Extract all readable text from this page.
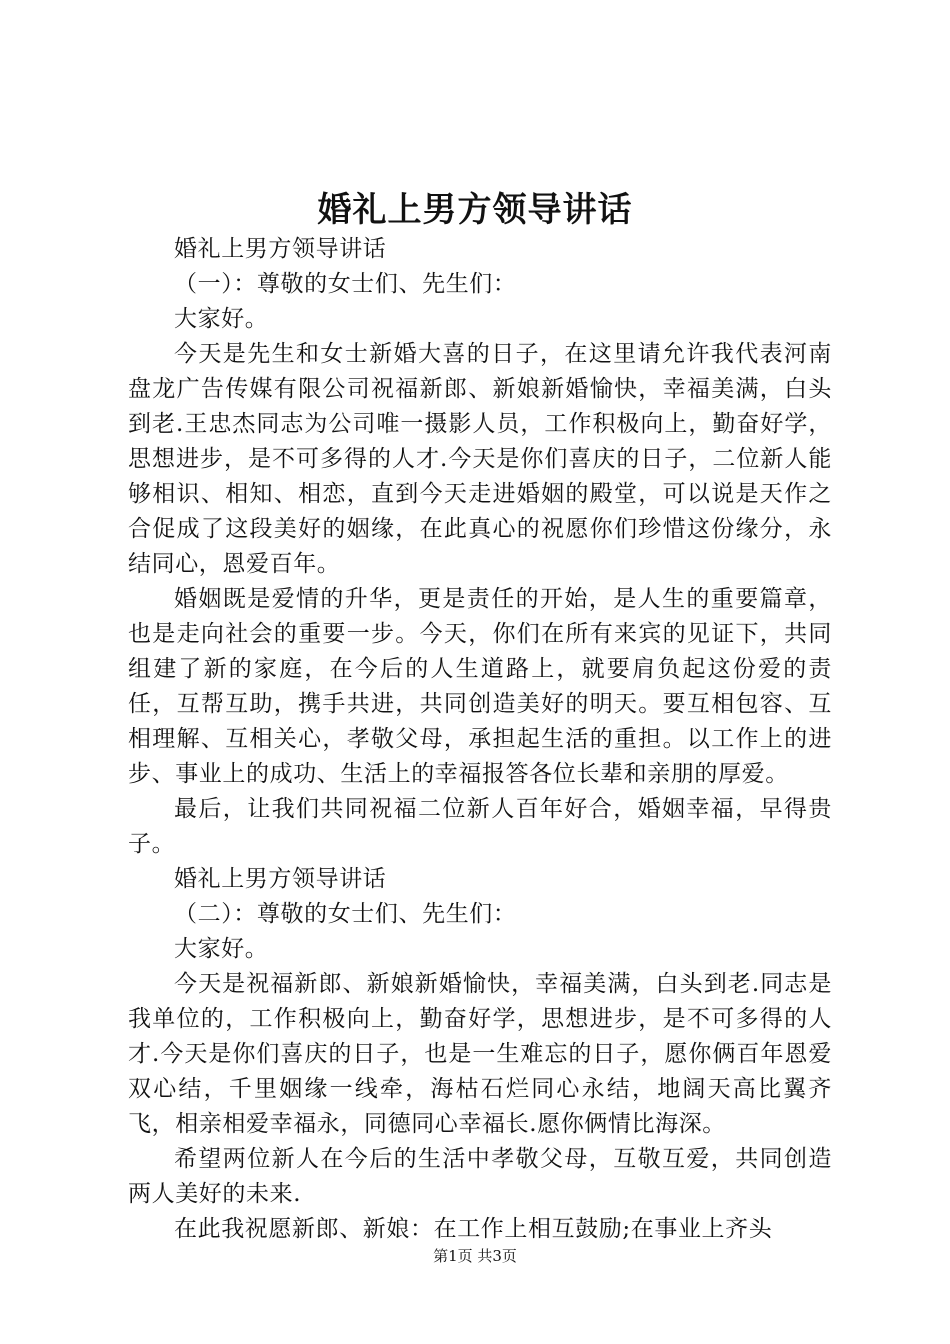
婚礼上男方领导讲话

婚礼上男方领导讲话

（一）：尊敬的女士们、先生们：

大家好。

今天是先生和女士新婚大喜的日子，在这里请允许我代表河南盘龙广告传媒有限公司祝福新郎、新娘新婚愉快，幸福美满，白头到老.王忠杰同志为公司唯一摄影人员，工作积极向上，勤奋好学，思想进步，是不可多得的人才.今天是你们喜庆的日子，二位新人能够相识、相知、相恋，直到今天走进婚姻的殿堂，可以说是天作之合促成了这段美好的姻缘，在此真心的祝愿你们珍惜这份缘分，永结同心，恩爱百年。

婚姻既是爱情的升华，更是责任的开始，是人生的重要篇章，也是走向社会的重要一步。今天，你们在所有来宾的见证下，共同组建了新的家庭，在今后的人生道路上，就要肩负起这份爱的责任，互帮互助，携手共进，共同创造美好的明天。要互相包容、互相理解、互相关心，孝敬父母，承担起生活的重担。以工作上的进步、事业上的成功、生活上的幸福报答各位长辈和亲朋的厚爱。

最后，让我们共同祝福二位新人百年好合，婚姻幸福，早得贵子。

婚礼上男方领导讲话

（二）：尊敬的女士们、先生们：

大家好。

今天是祝福新郎、新娘新婚愉快，幸福美满，白头到老.同志是我单位的，工作积极向上，勤奋好学，思想进步，是不可多得的人才.今天是你们喜庆的日子，也是一生难忘的日子，愿你俩百年恩爱双心结，千里姻缘一线牵，海枯石烂同心永结，地阔天高比翼齐飞，相亲相爱幸福永，同德同心幸福长.愿你俩情比海深。

希望两位新人在今后的生活中孝敬父母，互敬互爱，共同创造两人美好的未来.

在此我祝愿新郎、新娘：在工作上相互鼓励;在事业上齐头

第1页 共3页
